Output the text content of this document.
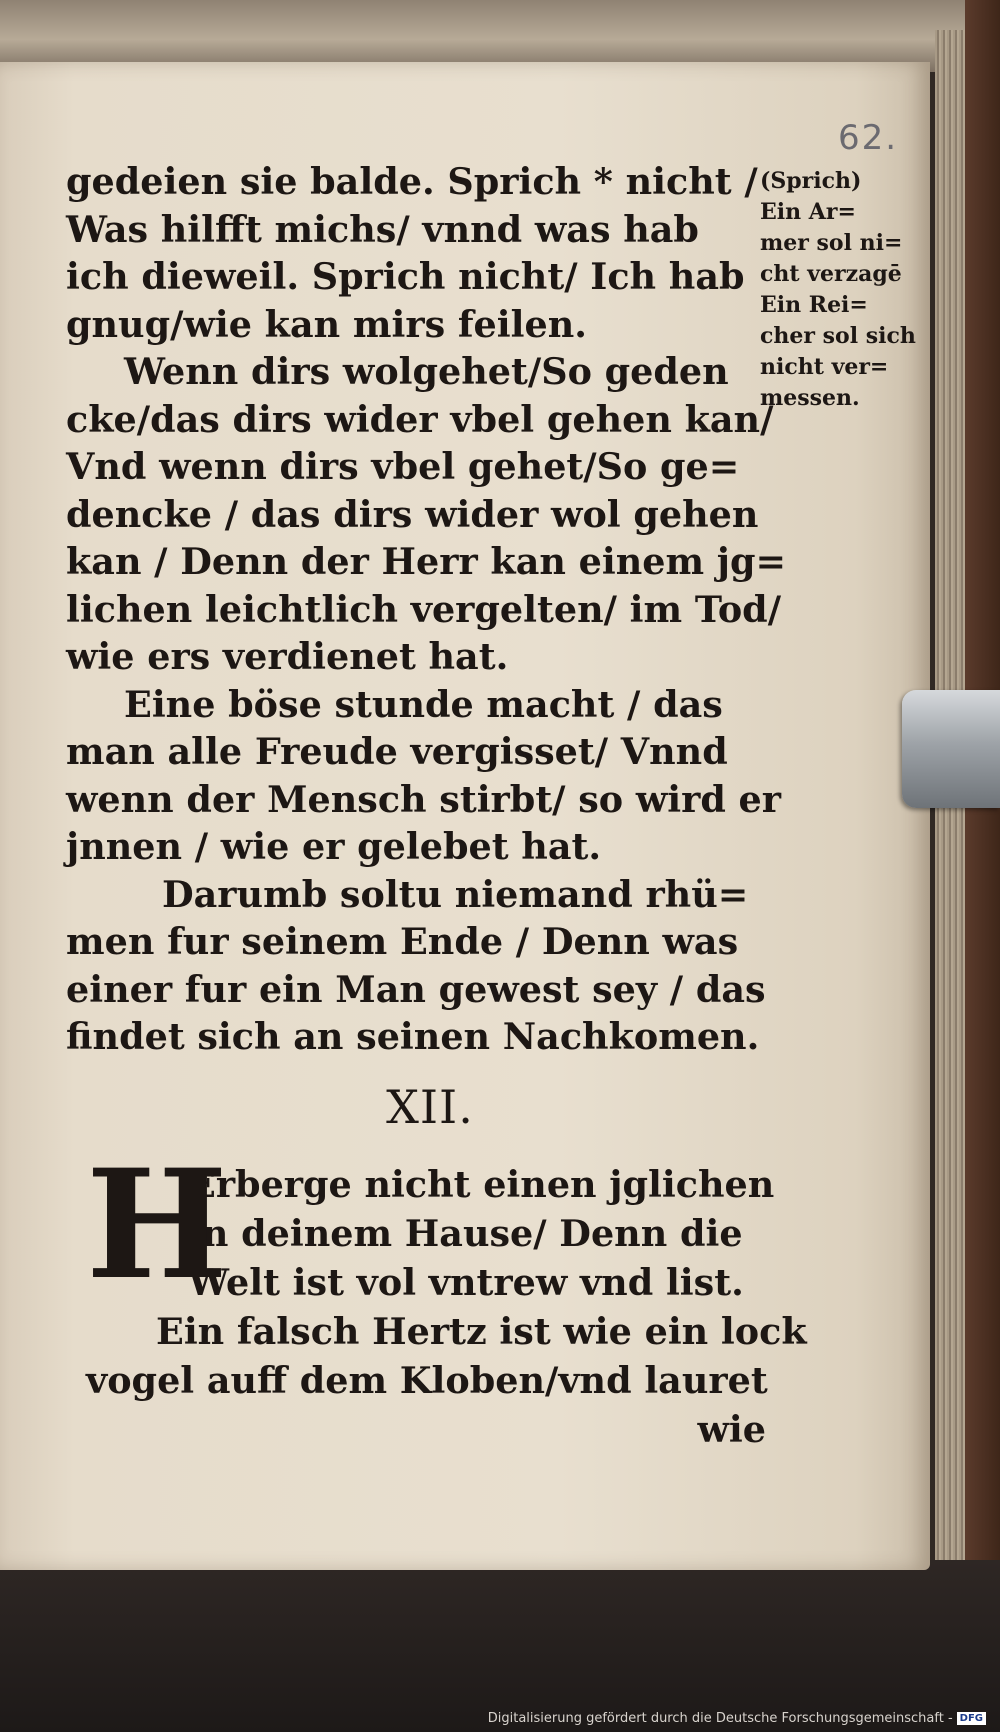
62.
gedeien sie balde. Sprich * nicht /
Was hilfft michs/ vnnd was hab
ich dieweil. Sprich nicht/ Ich hab
gnug/wie kan mirs feilen.
Wenn dirs wolgehet/So geden
cke/das dirs wider vbel gehen kan/
Vnd wenn dirs vbel gehet/So ge=
dencke / das dirs wider wol gehen
kan / Denn der Herr kan einem jg=
lichen leichtlich vergelten/ im Tod/
wie ers verdienet hat.
Eine böse stunde macht / das
man alle Freude vergisset/ Vnnd
wenn der Mensch stirbt/ so wird er
jnnen / wie er gelebet hat.
Darumb soltu niemand rhü=
men fur seinem Ende / Denn was
einer fur ein Man gewest sey / das
findet sich an seinen Nachkomen.
XII.
H
Erberge nicht einen jglichen
in deinem Hause/ Denn die
Welt ist vol vntrew vnd list.
Ein falsch Hertz ist wie ein lock
vogel auff dem Kloben/vnd lauret
wie
(Sprich)
Ein Ar=
mer sol ni=
cht verzagē
Ein Rei=
cher sol sich
nicht ver=
messen.
Digitalisierung gefördert durch die Deutsche Forschungsgemeinschaft - DFG
